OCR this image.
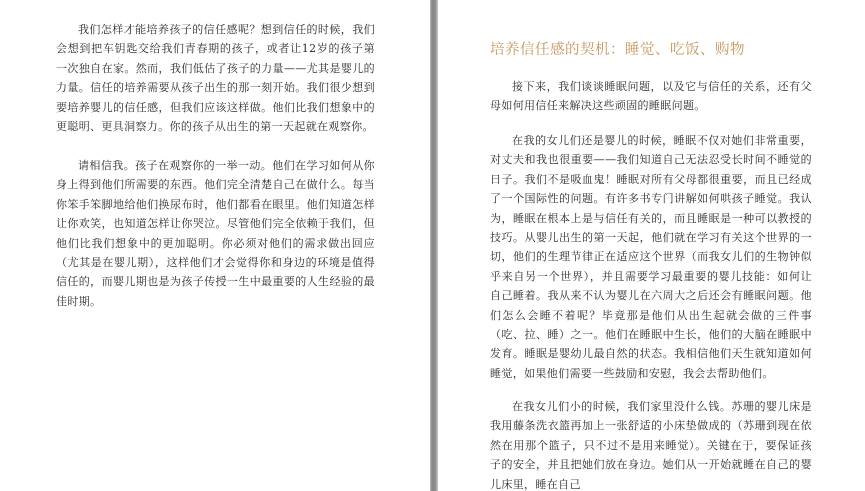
我们怎样才能培养孩子的信任感呢？想到信任的时候，我们会想到把车钥匙交给我们青春期的孩子，或者让12岁的孩子第一次独自在家。然而，我们低估了孩子的力量——尤其是婴儿的力量。信任的培养需要从孩子出生的那一刻开始。我们很少想到要培养婴儿的信任感，但我们应该这样做。他们比我们想象中的更聪明、更具洞察力。你的孩子从出生的第一天起就在观察你。

请相信我。孩子在观察你的一举一动。他们在学习如何从你身上得到他们所需要的东西。他们完全清楚自己在做什么。每当你笨手笨脚地给他们换尿布时，他们都看在眼里。他们知道怎样让你欢笑，也知道怎样让你哭泣。尽管他们完全依赖于我们，但他们比我们想象中的更加聪明。你必须对他们的需求做出回应（尤其是在婴儿期），这样他们才会觉得你和身边的环境是值得信任的，而婴儿期也是为孩子传授一生中最重要的人生经验的最佳时期。

培养信任感的契机：睡觉、吃饭、购物

接下来，我们谈谈睡眠问题，以及它与信任的关系，还有父母如何用信任来解决这些顽固的睡眠问题。

在我的女儿们还是婴儿的时候，睡眠不仅对她们非常重要，对丈夫和我也很重要——我们知道自己无法忍受长时间不睡觉的日子。我们不是吸血鬼！睡眠对所有父母都很重要，而且已经成了一个国际性的问题。有许多书专门讲解如何哄孩子睡觉。我认为，睡眠在根本上是与信任有关的，而且睡眠是一种可以教授的技巧。从婴儿出生的第一天起，他们就在学习有关这个世界的一切，他们的生理节律正在适应这个世界（而我女儿们的生物钟似乎来自另一个世界），并且需要学习最重要的婴儿技能：如何让自己睡着。我从来不认为婴儿在六周大之后还会有睡眠问题。他们怎么会睡不着呢？毕竟那是他们从出生起就会做的三件事（吃、拉、睡）之一。他们在睡眠中生长，他们的大脑在睡眠中发育。睡眠是婴幼儿最自然的状态。我相信他们天生就知道如何睡觉，如果他们需要一些鼓励和安慰，我会去帮助他们。

在我女儿们小的时候，我们家里没什么钱。苏珊的婴儿床是我用藤条洗衣篮再加上一张舒适的小床垫做成的（苏珊到现在依然在用那个篮子，只不过不是用来睡觉）。关键在于，要保证孩子的安全，并且把她们放在身边。她们从一开始就睡在自己的婴儿床里，睡在自己
